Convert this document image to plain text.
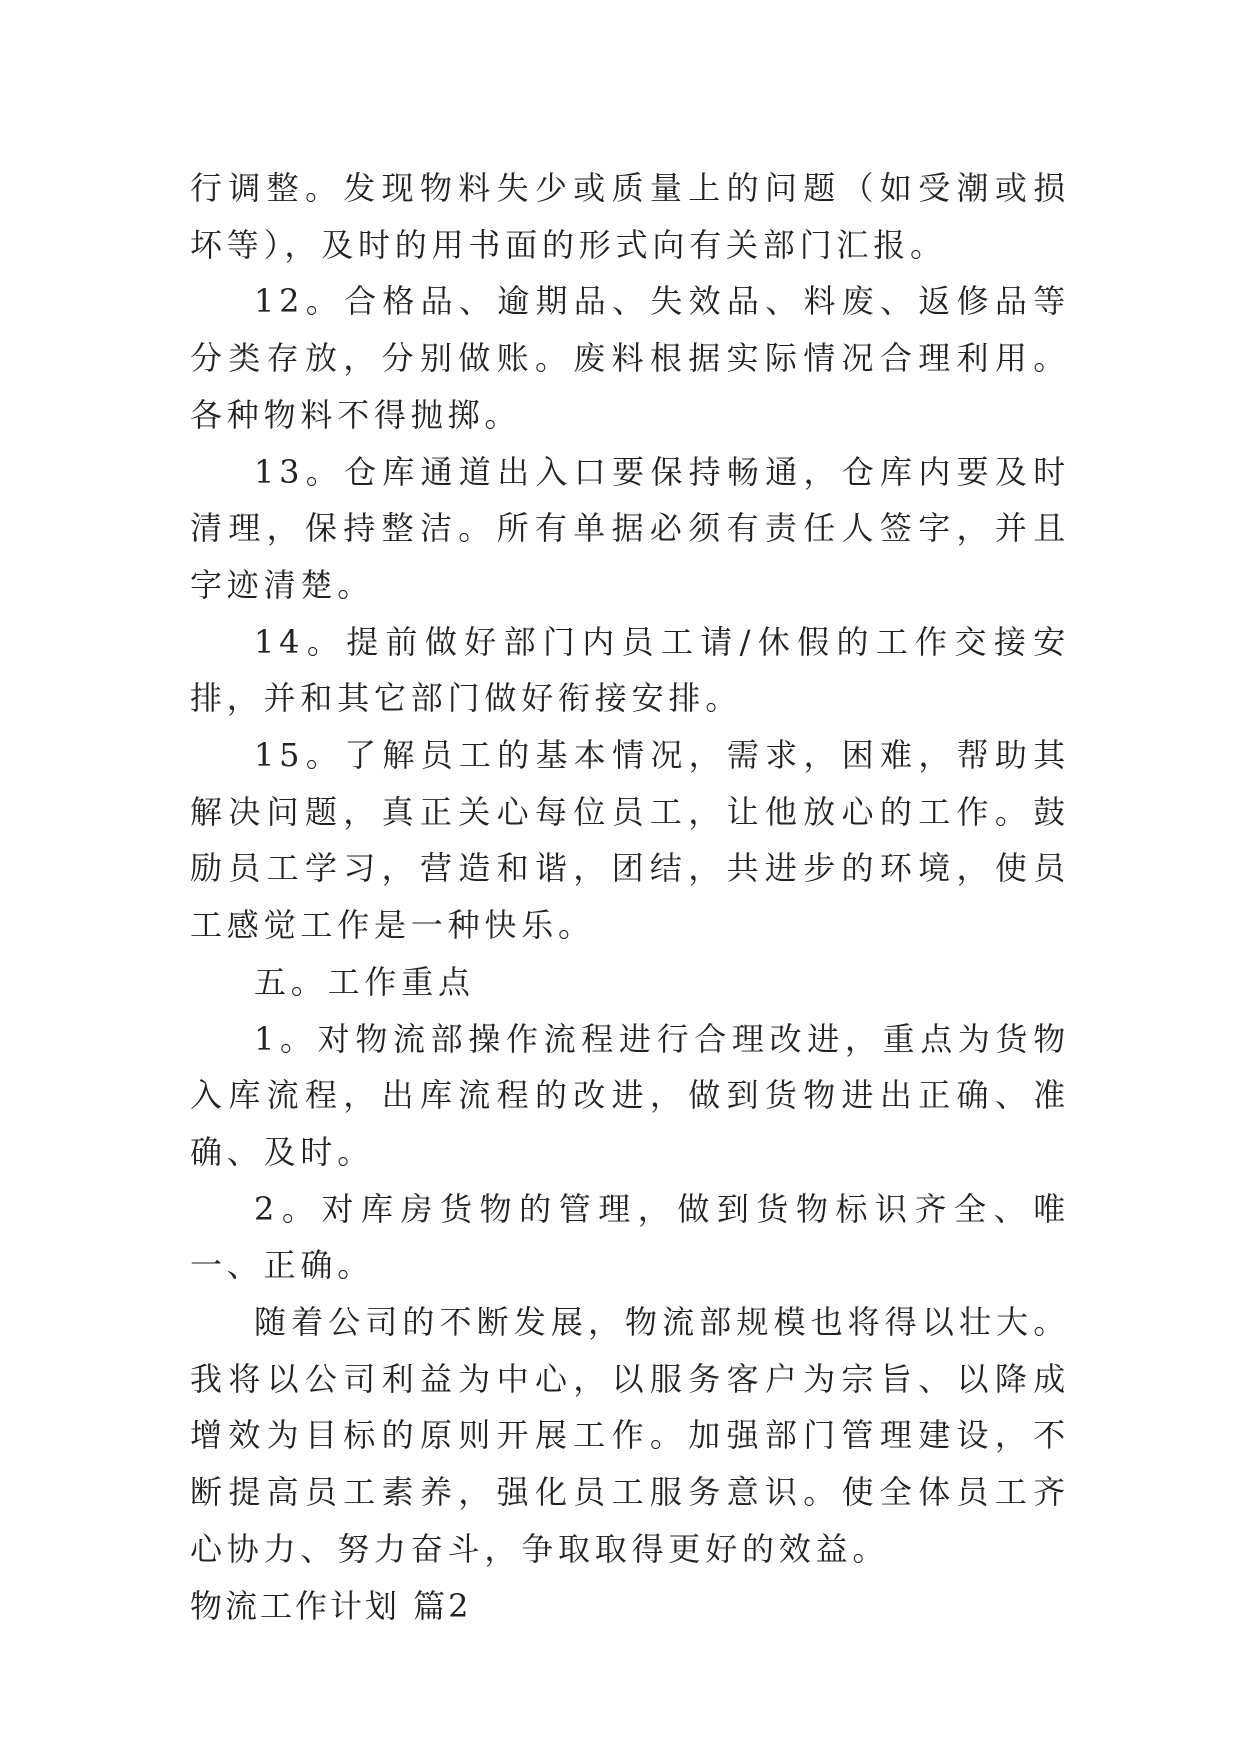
行调整。发现物料失少或质量上的问题（如受潮或损坏等），及时的用书面的形式向有关部门汇报。

12。合格品、逾期品、失效品、料废、返修品等分类存放，分别做账。废料根据实际情况合理利用。各种物料不得抛掷。

13。仓库通道出入口要保持畅通，仓库内要及时清理，保持整洁。所有单据必须有责任人签字，并且字迹清楚。

14。提前做好部门内员工请/休假的工作交接安排，并和其它部门做好衔接安排。

15。了解员工的基本情况，需求，困难，帮助其解决问题，真正关心每位员工，让他放心的工作。鼓励员工学习，营造和谐，团结，共进步的环境，使员工感觉工作是一种快乐。

五。工作重点

1。对物流部操作流程进行合理改进，重点为货物入库流程，出库流程的改进，做到货物进出正确、准确、及时。

2。对库房货物的管理，做到货物标识齐全、唯一、正确。

随着公司的不断发展，物流部规模也将得以壮大。我将以公司利益为中心，以服务客户为宗旨、以降成增效为目标的原则开展工作。加强部门管理建设，不断提高员工素养，强化员工服务意识。使全体员工齐心协力、努力奋斗，争取取得更好的效益。

物流工作计划 篇2
